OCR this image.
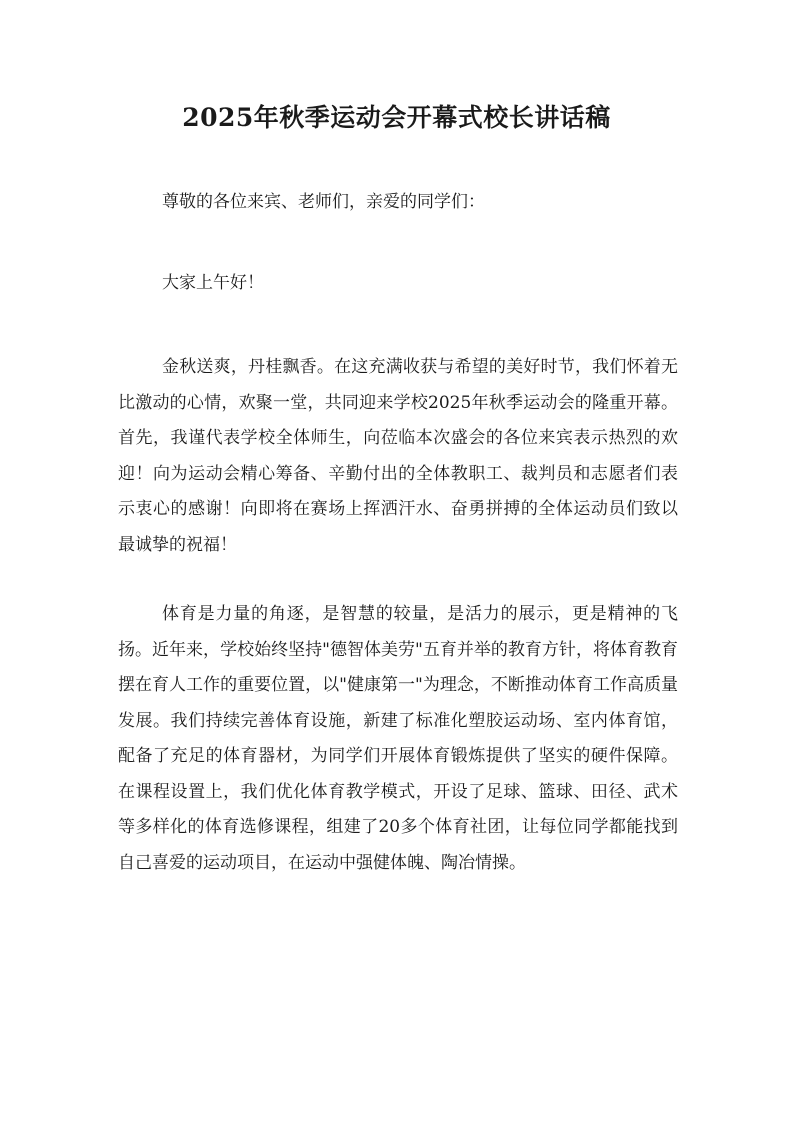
2025年秋季运动会开幕式校长讲话稿

尊敬的各位来宾、老师们，亲爱的同学们：

大家上午好！

金秋送爽，丹桂飘香。在这充满收获与希望的美好时节，我们怀着无比激动的心情，欢聚一堂，共同迎来学校2025年秋季运动会的隆重开幕。首先，我谨代表学校全体师生，向莅临本次盛会的各位来宾表示热烈的欢迎！向为运动会精心筹备、辛勤付出的全体教职工、裁判员和志愿者们表示衷心的感谢！向即将在赛场上挥洒汗水、奋勇拼搏的全体运动员们致以最诚挚的祝福！

体育是力量的角逐，是智慧的较量，是活力的展示，更是精神的飞扬。近年来，学校始终坚持"德智体美劳"五育并举的教育方针，将体育教育摆在育人工作的重要位置，以"健康第一"为理念，不断推动体育工作高质量发展。我们持续完善体育设施，新建了标准化塑胶运动场、室内体育馆，配备了充足的体育器材，为同学们开展体育锻炼提供了坚实的硬件保障。在课程设置上，我们优化体育教学模式，开设了足球、篮球、田径、武术等多样化的体育选修课程，组建了20多个体育社团，让每位同学都能找到自己喜爱的运动项目，在运动中强健体魄、陶冶情操。
